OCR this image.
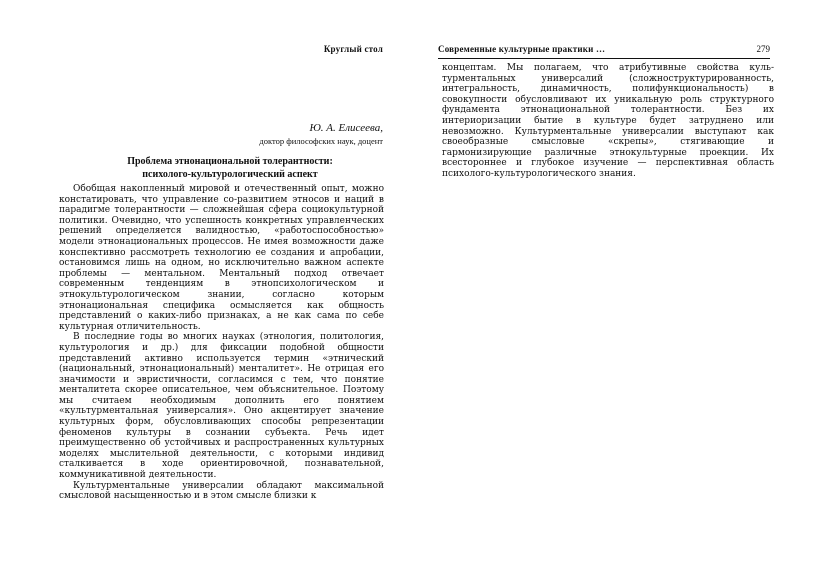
Круглый стол
Ю. А. Елисеева,
доктор философских наук, доцент
Проблема этнонациональной толерантности:
психолого-культурологический аспект

Обобщая накопленный мировой и отечественный опыт, можно констатировать, что управление со-развитием этносов и наций в парадигме толерантности — сложнейшая сфера социокультурной политики. Очевидно, что успешность конкретных управленческих решений определяется валидностью, «работоспособностью» модели этнонациональных процессов. Не имея возможности даже конспективно рассмотреть технологию ее создания и апробации, остановимся лишь на одном, но исключительно важном аспекте проблемы — ментальном. Ментальный подход отвечает современным тенденциям в этнопсихологическом и этнокультурологическом знании, согласно которым этнонациональная специфика осмысляется как общность представлений о каких-либо признаках, а не как сама по себе культурная отличительность.

В последние годы во многих науках (этнология, политология, культурология и др.) для фиксации подобной общности представлений активно используется термин «этнический (национальный, этнонациональный) менталитет». Не отрицая его значимости и эвристичности, согласимся с тем, что понятие менталитета скорее описательное, чем объяснительное. Поэтому мы считаем необходимым дополнить его понятием «культурментальная универсалия». Оно акцентирует значение культурных форм, обусловливающих способы репрезентации феноменов культуры в сознании субъекта. Речь идет преимущественно об устойчивых и распространенных культурных моделях мыслительной деятельности, с которыми индивид сталкивается в ходе ориентировочной, познавательной, коммуникативной деятельности.

Культурментальные универсалии обладают максимальной смысловой насыщенностью и в этом смысле близки к

Современные культурные практики …	279

концептам. Мы полагаем, что атрибутивные свойства культурментальных универсалий (сложноструктурированность, интегральность, динамичность, полифункциональность) в совокупности обусловливают их уникальную роль структурного фундамента этнонациональной толерантности. Без их интериоризации бытие в культуре будет затруднено или невозможно. Культурментальные универсалии выступают как своеобразные смысловые «скрепы», стягивающие и гармонизирующие различные этнокультурные проекции. Их всестороннее и глубокое изучение — перспективная область психолого-культурологического знания.
